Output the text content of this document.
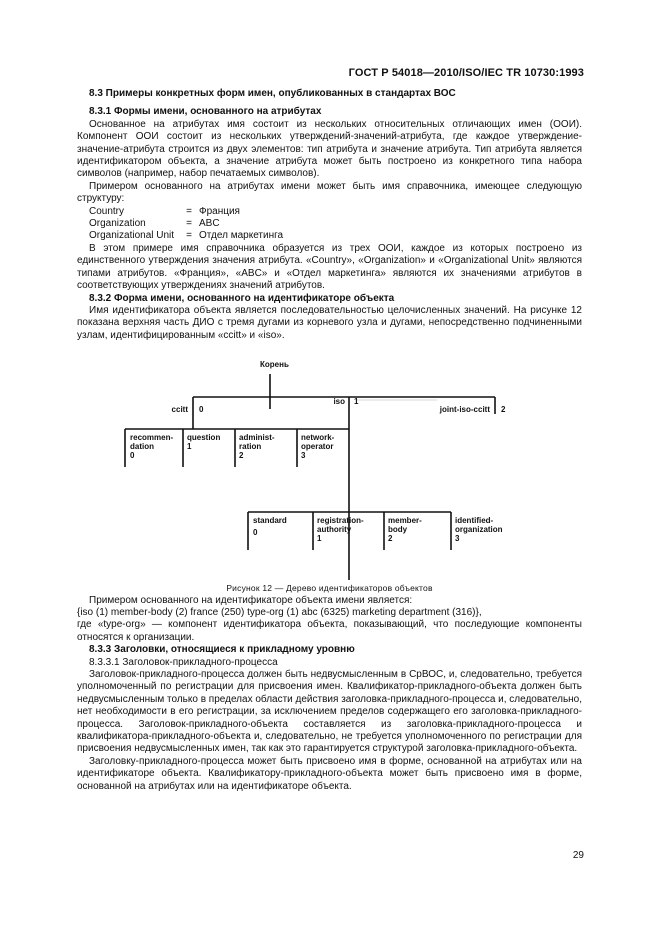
ГОСТ Р 54018—2010/ISO/IEC TR 10730:1993
8.3 Примеры конкретных форм имен, опубликованных в стандартах ВОС
8.3.1 Формы имени, основанного на атрибутах

Основанное на атрибутах имя состоит из нескольких относительных отличающих имен (ООИ). Компонент ООИ состоит из нескольких утверждений-значений-атрибута, где каждое утверждение-значение-атрибута строится из двух элементов: тип атрибута и значение атрибута. Тип атрибута является идентификатором объекта, а значение атрибута может быть построено из конкретного типа набора символов (например, набор печатаемых символов).

Примером основанного на атрибутах имени может быть имя справочника, имеющее следующую структуру:

Country	=	Франция
Organization	=	ABC
Organizational Unit	=	Отдел маркетинга

В этом примере имя справочника образуется из трех ООИ, каждое из которых построено из единственного утверждения значения атрибута. «Country», «Organization» и «Organizational Unit» являются типами атрибутов. «Франция», «ABC» и «Отдел маркетинга» являются их значениями атрибутов в соответствующих утверждениях значений атрибутов.

8.3.2 Форма имени, основанного на идентификаторе объекта

Имя идентификатора объекта является последовательностью целочисленных значений. На рисунке 12 показана верхняя часть ДИО с тремя дугами из корневого узла и дугами, непосредственно подчиненными узлам, идентифицированным «ccitt» и «iso».

Корень
ccitt 0
iso 1
joint-iso-ccitt 2
recommen-
dation
0
question
1
administ-
ration
2
network-
operator
3
standard
0
registration-
authority
1
member-
body
2
identified-
organization
3
Рисунок 12 — Дерево идентификаторов объектов

Примером основанного на идентификаторе объекта имени является:

{iso (1) member-body (2) france (250) type-org (1) abc (6325) marketing department (316)},

где «type-org» — компонент идентификатора объекта, показывающий, что последующие компоненты относятся к организации.

8.3.3 Заголовки, относящиеся к прикладному уровню
8.3.3.1 Заголовок-прикладного-процесса

Заголовок-прикладного-процесса должен быть недвусмысленным в СрВОС, и, следовательно, требуется уполномоченный по регистрации для присвоения имен. Квалификатор-прикладного-объекта должен быть недвусмысленным только в пределах области действия заголовка-прикладного-процесса и, следовательно, нет необходимости в его регистрации, за исключением пределов содержащего его заголовка-прикладного-процесса. Заголовок-прикладного-объекта составляется из заголовка-прикладного-процесса и квалификатора-прикладного-объекта и, следовательно, не требуется уполномоченного по регистрации для присвоения недвусмысленных имен, так как это гарантируется структурой заголовка-прикладного-объекта.

Заголовку-прикладного-процесса может быть присвоено имя в форме, основанной на атрибутах или на идентификаторе объекта. Квалификатору-прикладного-объекта может быть присвоено имя в форме, основанной на атрибутах или на идентификаторе объекта.

29
